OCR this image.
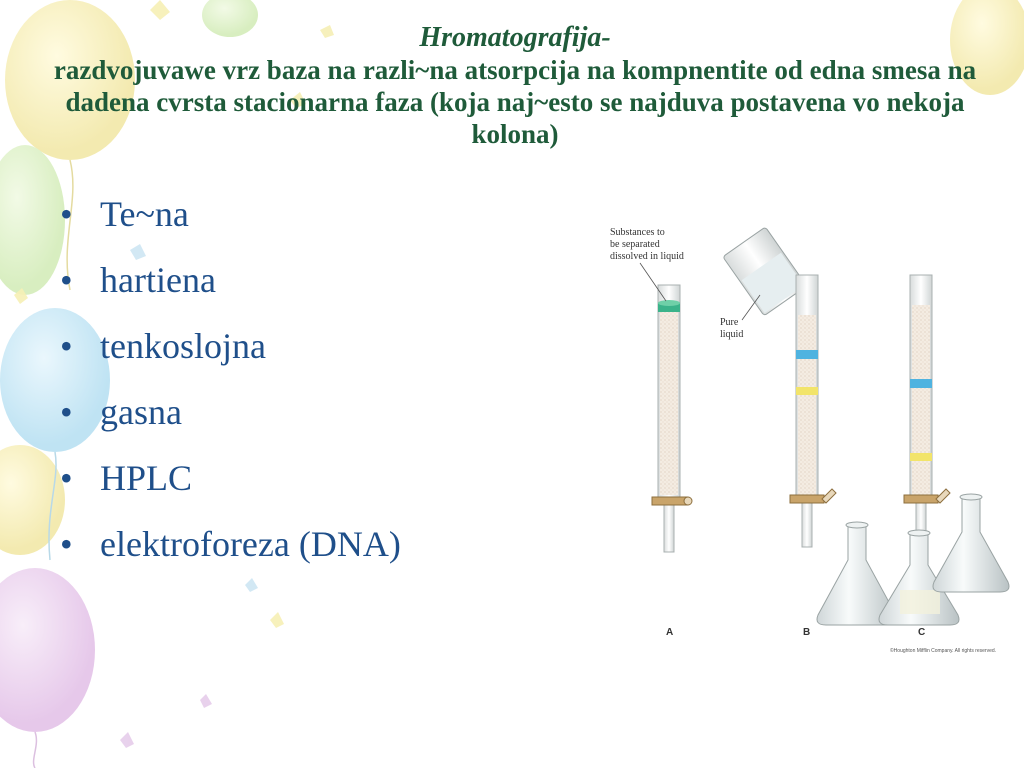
Hromatografija-
razdvojuvawe vrz baza na razli~na atsorpcija na kompnentite od edna smesa na dadena cvrsta stacionarna faza (koja naj~esto se najduva postavena vo nekoja kolona)
• Te~na
• hartiena
• tenkoslojna
• gasna
• HPLC
• elektroforeza (DNA)
Substances to
be separated
dissolved in liquid
Pure
liquid
A	B	C
©Houghton Mifflin Company. All rights reserved.
